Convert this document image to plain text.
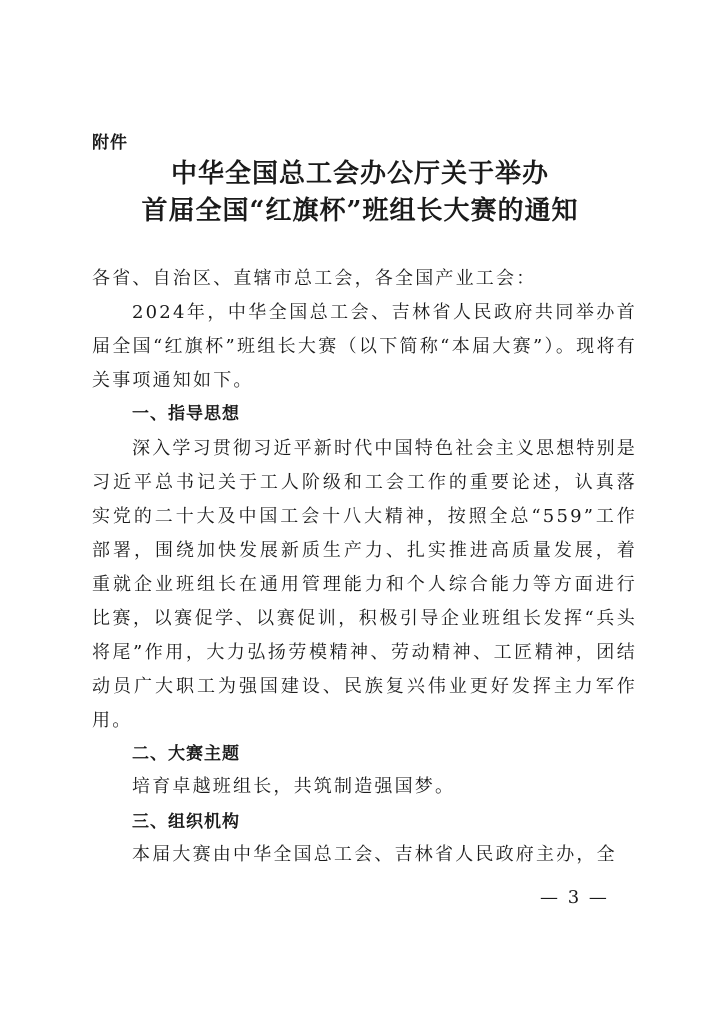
附件
中华全国总工会办公厅关于举办
首届全国“红旗杯”班组长大赛的通知
各省、自治区、直辖市总工会，各全国产业工会：
2024年，中华全国总工会、吉林省人民政府共同举办首届全国“红旗杯”班组长大赛（以下简称“本届大赛”）。现将有关事项通知如下。
一、指导思想
深入学习贯彻习近平新时代中国特色社会主义思想特别是习近平总书记关于工人阶级和工会工作的重要论述，认真落实党的二十大及中国工会十八大精神，按照全总“559”工作部署，围绕加快发展新质生产力、扎实推进高质量发展，着重就企业班组长在通用管理能力和个人综合能力等方面进行比赛，以赛促学、以赛促训，积极引导企业班组长发挥“兵头将尾”作用，大力弘扬劳模精神、劳动精神、工匠精神，团结动员广大职工为强国建设、民族复兴伟业更好发挥主力军作用。
二、大赛主题
培育卓越班组长，共筑制造强国梦。
三、组织机构
本届大赛由中华全国总工会、吉林省人民政府主办，全
— 3 —
